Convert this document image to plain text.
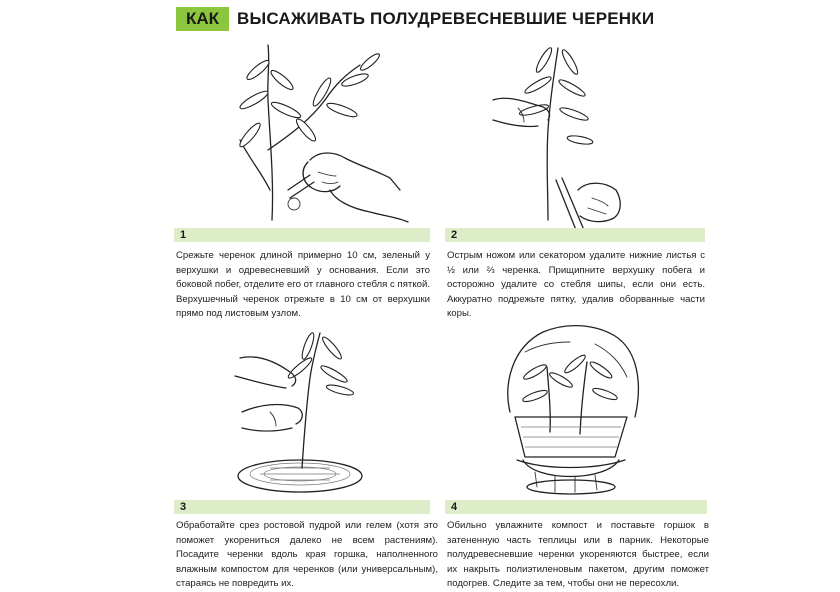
КАК	ВЫСАЖИВАТЬ ПОЛУДРЕВЕСНЕВШИЕ ЧЕРЕНКИ
1
Срежьте черенок длиной примерно 10 см, зеленый у верхушки и одревесневший у основания. Если это боковой побег, отделите его от главного стебля с пяткой. Верхушечный черенок отрежьте в 10 см от верхушки прямо под листовым узлом.
2
Острым ножом или секатором удалите нижние листья с ½ или ⅔ черенка. Прищипните верхушку побега и осторожно удалите со стебля шипы, если они есть. Аккуратно подрежьте пятку, удалив оборванные части коры.
3
Обработайте срез ростовой пудрой или гелем (хотя это поможет укорениться далеко не всем растениям). Посадите черенки вдоль края горшка, наполненного влажным компостом для черенков (или универсальным), стараясь не повредить их.
4
Обильно увлажните компост и поставьте горшок в затененную часть теплицы или в парник. Некоторые полудревесневшие черенки укореняются быстрее, если их накрыть полиэтиленовым пакетом, другим поможет подогрев. Следите за тем, чтобы они не пересохли.
